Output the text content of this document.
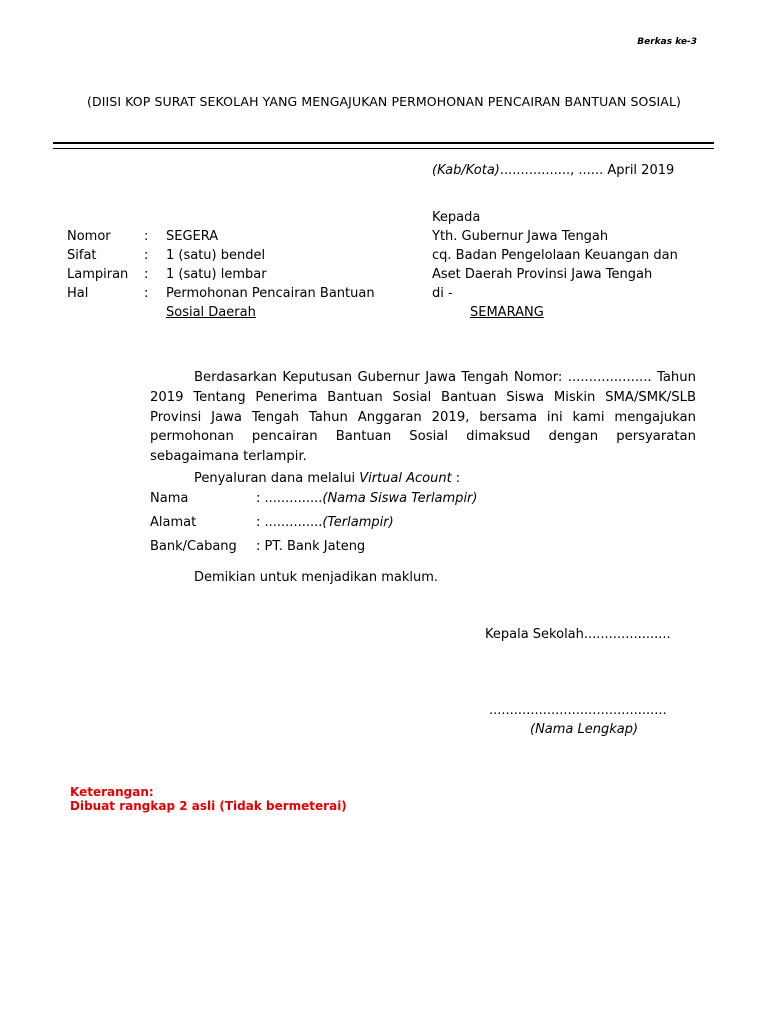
Berkas ke-3
(DIISI KOP SURAT SEKOLAH YANG MENGAJUKAN PERMOHONAN PENCAIRAN BANTUAN SOSIAL)
(Kab/Kota)................., ...... April 2019
Kepada
Yth. Gubernur Jawa Tengah
cq. Badan Pengelolaan Keuangan dan
Aset Daerah Provinsi Jawa Tengah
di -
SEMARANG
Nomor	: SEGERA
Sifat	: 1 (satu) bendel
Lampiran : 1 (satu) lembar
Hal	: Permohonan Pencairan Bantuan
Sosial Daerah
Berdasarkan Keputusan Gubernur Jawa Tengah Nomor: .................... Tahun 2019 Tentang Penerima Bantuan Sosial Bantuan Siswa Miskin SMA/SMK/SLB Provinsi Jawa Tengah Tahun Anggaran 2019, bersama ini kami mengajukan permohonan pencairan Bantuan Sosial dimaksud dengan persyaratan sebagaimana terlampir.
Penyaluran dana melalui Virtual Acount :
Nama	: ..............(Nama Siswa Terlampir)
Alamat	: ..............(Terlampir)
Bank/Cabang : PT. Bank Jateng
Demikian untuk menjadikan maklum.
Kepala Sekolah.....................
...........................................
(Nama Lengkap)
Keterangan:
Dibuat rangkap 2 asli (Tidak bermeterai)
